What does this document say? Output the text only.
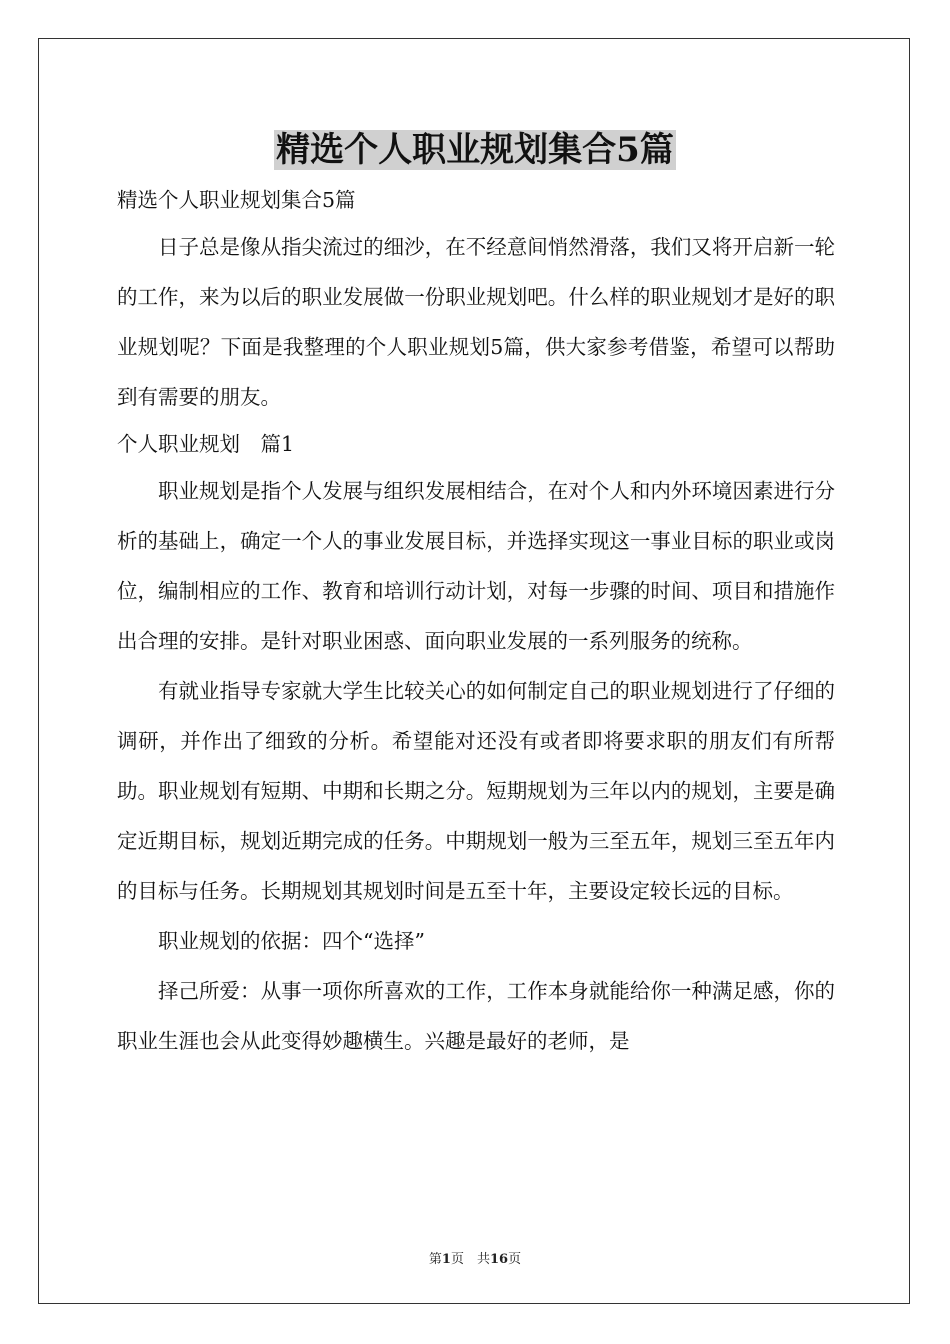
精选个人职业规划集合5篇

精选个人职业规划集合5篇

日子总是像从指尖流过的细沙，在不经意间悄然滑落，我们又将开启新一轮的工作，来为以后的职业发展做一份职业规划吧。什么样的职业规划才是好的职业规划呢？下面是我整理的个人职业规划5篇，供大家参考借鉴，希望可以帮助到有需要的朋友。

个人职业规划　篇1

职业规划是指个人发展与组织发展相结合，在对个人和内外环境因素进行分析的基础上，确定一个人的事业发展目标，并选择实现这一事业目标的职业或岗位，编制相应的工作、教育和培训行动计划，对每一步骤的时间、项目和措施作出合理的安排。是针对职业困惑、面向职业发展的一系列服务的统称。

有就业指导专家就大学生比较关心的如何制定自己的职业规划进行了仔细的调研，并作出了细致的分析。希望能对还没有或者即将要求职的朋友们有所帮助。职业规划有短期、中期和长期之分。短期规划为三年以内的规划，主要是确定近期目标，规划近期完成的任务。中期规划一般为三至五年，规划三至五年内的目标与任务。长期规划其规划时间是五至十年，主要设定较长远的目标。

职业规划的依据：四个“选择”

择己所爱：从事一项你所喜欢的工作，工作本身就能给你一种满足感，你的职业生涯也会从此变得妙趣横生。兴趣是最好的老师，是

第1页　共16页
